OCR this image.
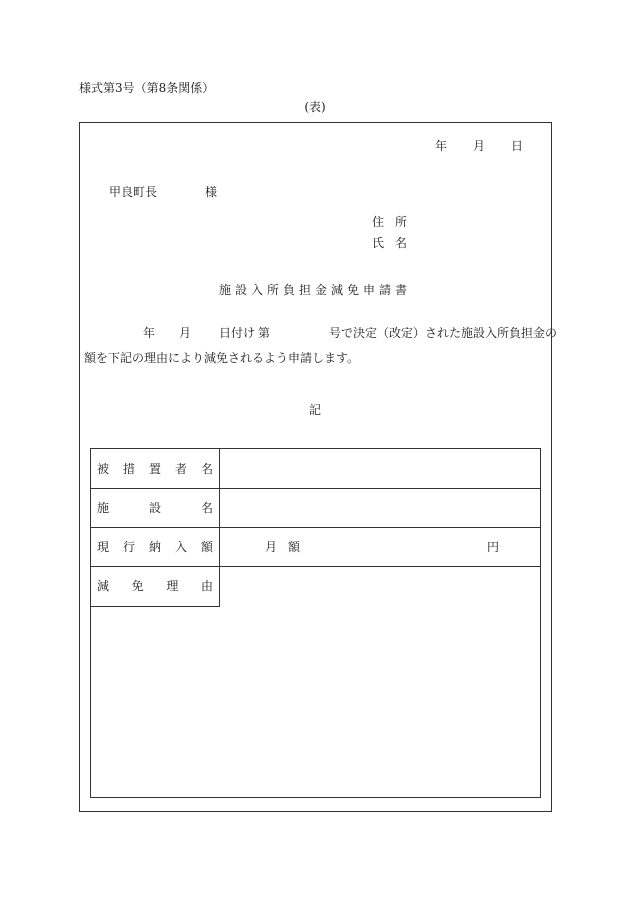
様式第3号（第8条関係）
(表)
年 月 日
甲良町長	様
住所
氏名
施設入所負担金減免申請書
年 月 日付け 第	号で決定（改定）された施設入所負担金の
額を下記の理由により減免されるよう申請します。
記
被 措 置 者 名
施	設	名
現 行 納 入 額	月額	円
減 免 理 由
